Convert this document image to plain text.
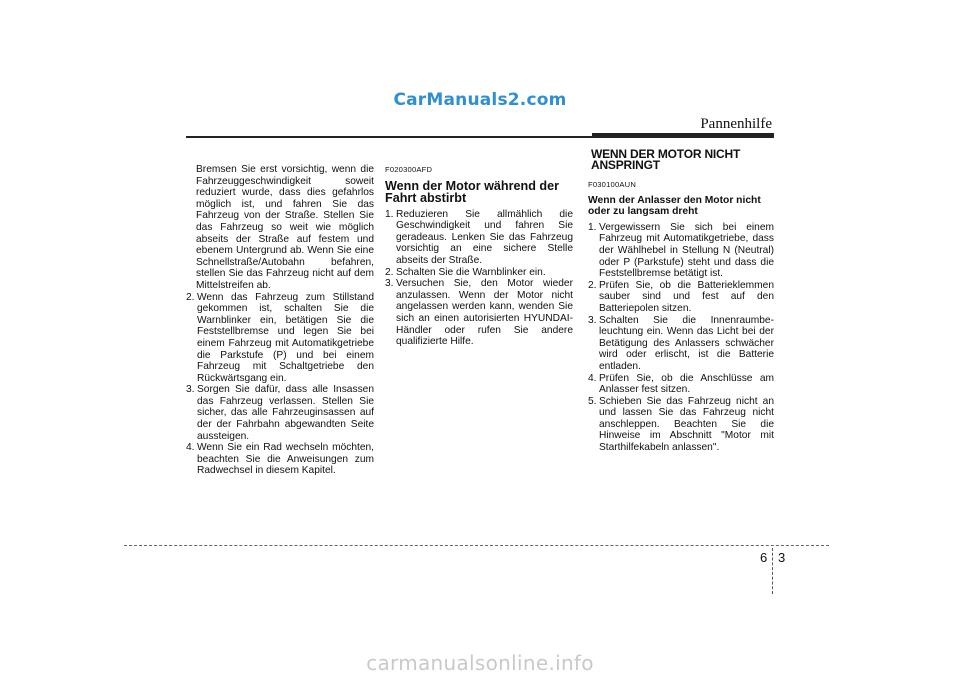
CarManuals2.com
Pannenhilfe

Bremsen Sie erst vorsichtig, wenn die Fahrzeuggeschwindigkeit soweit reduziert wurde, dass dies gefahrlos möglich ist, und fahren Sie das Fahrzeug von der Straße. Stellen Sie das Fahrzeug so weit wie möglich abseits der Straße auf festem und ebenem Untergrund ab. Wenn Sie eine Schnellstraße/Autobahn befahren, stellen Sie das Fahrzeug nicht auf dem Mittelstreifen ab.

2. Wenn das Fahrzeug zum Stillstand gekommen ist, schalten Sie die Warnblinker ein, betätigen Sie die Feststellbremse und legen Sie bei einem Fahrzeug mit Automatikgetriebe die Parkstufe (P) und bei einem Fahrzeug mit Schaltgetriebe den Rückwärtsgang ein.
3. Sorgen Sie dafür, dass alle Insassen das Fahrzeug verlassen. Stellen Sie sicher, das alle Fahrzeuginsassen auf der der Fahrbahn abgewandten Seite aussteigen.
4. Wenn Sie ein Rad wechseln möchten, beachten Sie die Anweisungen zum Radwechsel in diesem Kapitel.
F020300AFD
Wenn der Motor während der Fahrt abstirbt
1. Reduzieren Sie allmählich die Geschwindigkeit und fahren Sie geradeaus. Lenken Sie das Fahrzeug vorsichtig an eine sichere Stelle abseits der Straße.
2. Schalten Sie die Warnblinker ein.
3. Versuchen Sie, den Motor wieder anzulassen. Wenn der Motor nicht angelassen werden kann, wenden Sie sich an einen autorisierten HYUNDAI-Händler oder rufen Sie andere qualifizierte Hilfe.
WENN DER MOTOR NICHT ANSPRINGT
F030100AUN
Wenn der Anlasser den Motor nicht oder zu langsam dreht
1. Vergewissern Sie sich bei einem Fahrzeug mit Automatikgetriebe, dass der Wählhebel in Stellung N (Neutral) oder P (Parkstufe) steht und dass die Feststellbremse betätigt ist.
2. Prüfen Sie, ob die Batterieklemmen sauber sind und fest auf den Batteriepolen sitzen.
3. Schalten Sie die Innenraumbe-leuchtung ein. Wenn das Licht bei der Betätigung des Anlassers schwächer wird oder erlischt, ist die Batterie entladen.
4. Prüfen Sie, ob die Anschlüsse am Anlasser fest sitzen.
5. Schieben Sie das Fahrzeug nicht an und lassen Sie das Fahrzeug nicht anschleppen. Beachten Sie die Hinweise im Abschnitt "Motor mit Starthilfekabeln anlassen".
6 3
carmanualsonline.info
